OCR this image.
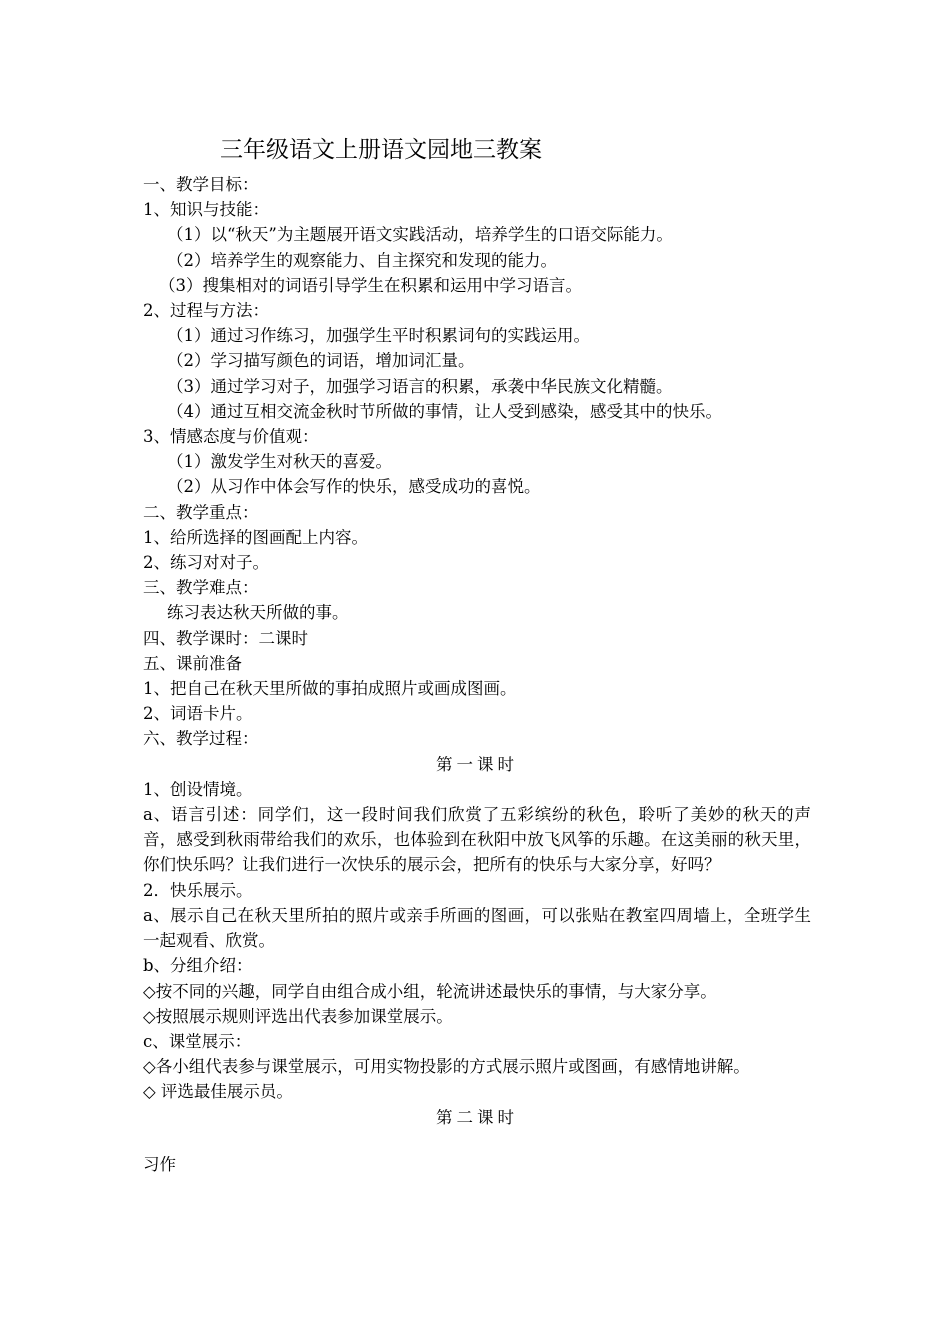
三年级语文上册语文园地三教案
一、教学目标：
1、知识与技能：
（1）以“秋天”为主题展开语文实践活动，培养学生的口语交际能力。
（2）培养学生的观察能力、自主探究和发现的能力。
（3）搜集相对的词语引导学生在积累和运用中学习语言。
2、过程与方法：
（1）通过习作练习，加强学生平时积累词句的实践运用。
（2）学习描写颜色的词语，增加词汇量。
（3）通过学习对子，加强学习语言的积累，承袭中华民族文化精髓。
（4）通过互相交流金秋时节所做的事情，让人受到感染，感受其中的快乐。
3、情感态度与价值观：
（1）激发学生对秋天的喜爱。
（2）从习作中体会写作的快乐，感受成功的喜悦。
二、教学重点：
1、给所选择的图画配上内容。
2、练习对对子。
三、教学难点：
练习表达秋天所做的事。
四、教学课时：二课时
五、课前准备
1、把自己在秋天里所做的事拍成照片或画成图画。
2、词语卡片。
六、教学过程：
第一课时
1、创设情境。
a、语言引述：同学们，这一段时间我们欣赏了五彩缤纷的秋色，聆听了美妙的秋天的声音，感受到秋雨带给我们的欢乐，也体验到在秋阳中放飞风筝的乐趣。在这美丽的秋天里，你们快乐吗？让我们进行一次快乐的展示会，把所有的快乐与大家分享，好吗？
2．快乐展示。
a、展示自己在秋天里所拍的照片或亲手所画的图画，可以张贴在教室四周墙上，全班学生一起观看、欣赏。
b、分组介绍：
◇按不同的兴趣，同学自由组合成小组，轮流讲述最快乐的事情，与大家分享。
◇按照展示规则评选出代表参加课堂展示。
c、课堂展示：
◇各小组代表参与课堂展示，可用实物投影的方式展示照片或图画，有感情地讲解。
◇ 评选最佳展示员。
第二课时
习作
